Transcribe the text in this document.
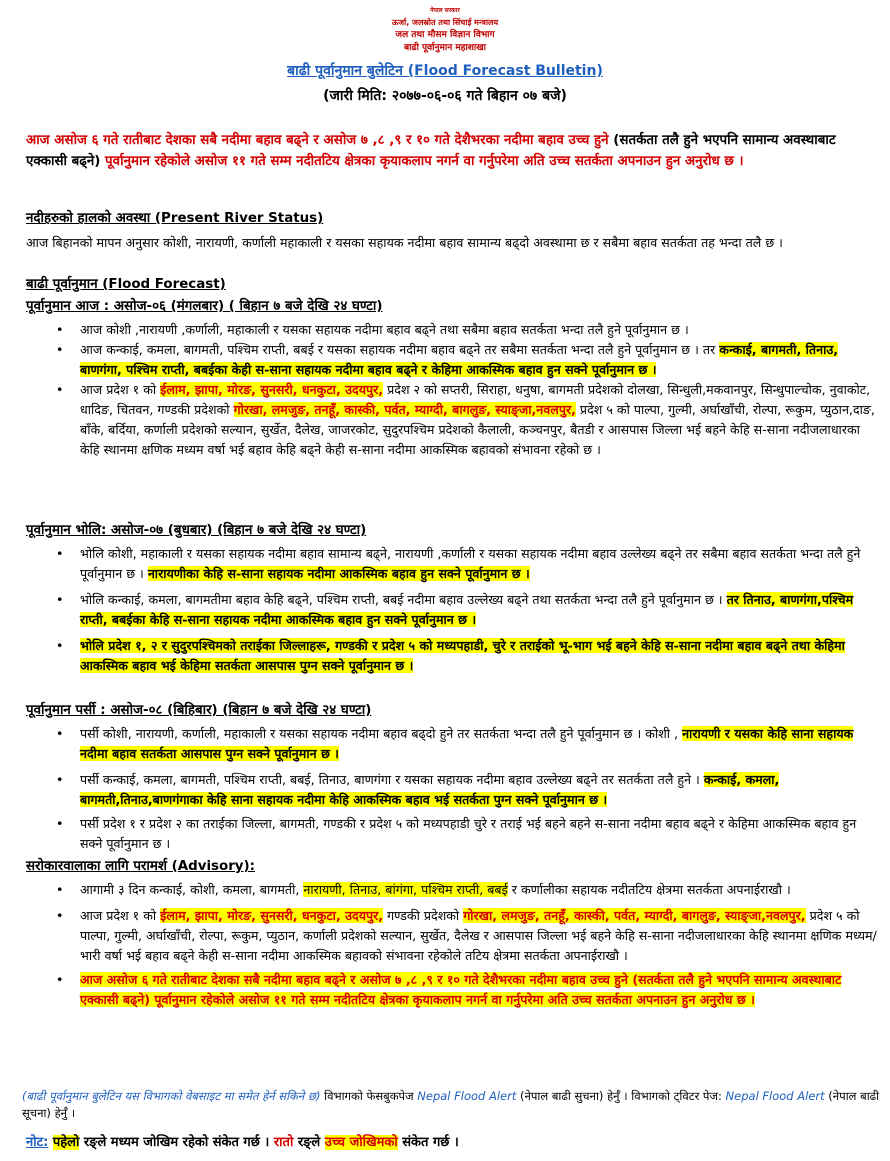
नेपाल सरकार
ऊर्जा, जलस्रोत तथा सिंचाई मन्त्रालय
जल तथा मौसम विज्ञान विभाग
बाढी पूर्वानुमान महाशाखा
बाढी पूर्वानुमान बुलेटिन (Flood Forecast Bulletin)
(जारी मिति: २०७७-०६-०६ गते बिहान ०७ बजे)
आज असोज ६ गते रातीबाट देशका सबै नदीमा बहाव बढ्ने र असोज ७ ,८ ,९ र १० गते देशैभरका नदीमा बहाव उच्च हुने (सतर्कता तलै हुने भएपनि सामान्य अवस्थाबाट एक्कासी बढ्ने) पूर्वानुमान रहेकोले असोज ११ गते सम्म नदीतटिय क्षेत्रका कृयाकलाप नगर्न वा गर्नुपरेमा अति उच्च सतर्कता अपनाउन हुन अनुरोध छ ।
नदीहरुको हालको अवस्था (Present River Status)
आज बिहानको मापन अनुसार कोशी, नारायणी, कर्णाली महाकाली र यसका सहायक नदीमा बहाव सामान्य बढ्दो अवस्थामा छ र सबैमा बहाव सतर्कता तह भन्दा तलै छ ।
बाढी पूर्वानुमान (Flood Forecast)
पूर्वानुमान आज : असोज-०६ (मंगलबार) ( बिहान ७ बजे देखि २४ घण्टा)
• आज कोशी ,नारायणी ,कर्णाली, महाकाली र यसका सहायक नदीमा बहाव बढ्ने तथा सबैमा बहाव सतर्कता भन्दा तलै हुने पूर्वानुमान छ ।
• आज कन्काई, कमला, बागमती, पश्चिम राप्ती, बबई र यसका सहायक नदीमा बहाव बढ्ने तर सबैमा सतर्कता भन्दा तलै हुने पूर्वानुमान छ । तर कन्काई, बागमती, तिनाउ, बाणगंगा, पश्चिम राप्ती, बबईका केही स-साना सहायक नदीमा बहाव बढ्ने र केहिमा आकस्मिक बहाव हुन सक्ने पूर्वानुमान छ ।
• आज प्रदेश १ को ईलाम, झापा, मोरङ, सुनसरी, धनकुटा, उदयपुर, प्रदेश २ को सप्तरी, सिराहा, धनुषा, बागमती प्रदेशको दोलखा, सिन्धुली,मकवानपुर, सिन्धुपाल्चोक, नुवाकोट, धादिङ, चितवन, गण्डकी प्रदेशको गोरखा, लमजुङ, तनहूँ, कास्की, पर्वत, म्याग्दी, बागलुङ, स्याङ्जा,नवलपुर, प्रदेश ५ को पाल्पा, गुल्मी, अर्घाखाँची, रोल्पा, रूकुम, प्युठान,दाङ, बाँके, बर्दिया, कर्णाली प्रदेशको सल्यान, सुर्खेत, दैलेख, जाजरकोट, सुदुरपश्चिम प्रदेशको कैलाली, कञ्चनपुर, बैतडी र आसपास जिल्ला भई बहने केहि स-साना नदीजलाधारका केहि स्थानमा क्षणिक मध्यम वर्षा भई बहाव केहि बढ्ने केही स-साना नदीमा आकस्मिक बहावको संभावना रहेको छ ।
पूर्वानुमान भोलि: असोज-०७ (बुधबार) (बिहान ७ बजे देखि २४ घण्टा)
• भोलि कोशी, महाकाली र यसका सहायक नदीमा बहाव सामान्य बढ्ने, नारायणी ,कर्णाली र यसका सहायक नदीमा बहाव उल्लेख्य बढ्ने तर सबैमा बहाव सतर्कता भन्दा तलै हुने पूर्वानुमान छ । नारायणीका केहि स-साना सहायक नदीमा आकस्मिक बहाव हुन सक्ने पूर्वानुमान छ ।
• भोलि कन्काई, कमला, बागमतीमा बहाव केहि बढ्ने, पश्चिम राप्ती, बबई नदीमा बहाव उल्लेख्य बढ्ने तथा सतर्कता भन्दा तलै हुने पूर्वानुमान छ । तर तिनाउ, बाणगंगा,पश्चिम राप्ती, बबईका केहि स-साना सहायक नदीमा आकस्मिक बहाव हुन सक्ने पूर्वानुमान छ ।
• भोलि प्रदेश १, २ र सुदुरपश्चिमको तराईका जिल्लाहरू, गण्डकी र प्रदेश ५ को मध्यपहाडी, चुरे र तराईको भू-भाग भई बहने केहि स-साना नदीमा बहाव बढ्ने तथा केहिमा आकस्मिक बहाव भई केहिमा सतर्कता आसपास पुग्न सक्ने पूर्वानुमान छ ।
पूर्वानुमान पर्सी : असोज-०८ (बिहिबार) (बिहान ७ बजे देखि २४ घण्टा)
• पर्सी कोशी, नारायणी, कर्णाली, महाकाली र यसका सहायक नदीमा बहाव बढ्दो हुने तर सतर्कता भन्दा तलै हुने पूर्वानुमान छ । कोशी , नारायणी र यसका केहि साना सहायक नदीमा बहाव सतर्कता आसपास पुग्न सक्ने पूर्वानुमान छ ।
• पर्सी कन्काई, कमला, बागमती, पश्चिम राप्ती, बबई, तिनाउ, बाणगंगा र यसका सहायक नदीमा बहाव उल्लेख्य बढ्ने तर सतर्कता तलै हुने । कन्काई, कमला, बागमती,तिनाउ,बाणगंगाका केहि साना सहायक नदीमा केहि आकस्मिक बहाव भई सतर्कता पुग्न सक्ने पूर्वानुमान छ ।
• पर्सी प्रदेश १ र प्रदेश २ का तराईका जिल्ला, बागमती, गण्डकी र प्रदेश ५ को मध्यपहाडी चुरे र तराई भई बहने बहने स-साना नदीमा बहाव बढ्ने र केहिमा आकस्मिक बहाव हुन सक्ने पूर्वानुमान छ ।
सरोकारवालाका लागि परामर्श (Advisory):
• आगामी ३ दिन कन्काई, कोशी, कमला, बागमती, नारायणी, तिनाउ, बांगंगा, पश्चिम राप्ती, बबई र कर्णालीका सहायक नदीतटिय क्षेत्रमा सतर्कता अपनाईराखौ ।
• आज प्रदेश १ को ईलाम, झापा, मोरङ, सुनसरी, धनकुटा, उदयपुर, गण्डकी प्रदेशको गोरखा, लमजुङ, तनहूँ, कास्की, पर्वत, म्याग्दी, बागलुङ, स्याङ्जा,नवलपुर, प्रदेश ५ को पाल्पा, गुल्मी, अर्घाखाँची, रोल्पा, रूकुम, प्युठान, कर्णाली प्रदेशको सल्यान, सुर्खेत, दैलेख र आसपास जिल्ला भई बहने केहि स-साना नदीजलाधारका केहि स्थानमा क्षणिक मध्यम/भारी वर्षा भई बहाव बढ्ने केही स-साना नदीमा आकस्मिक बहावको संभावना रहेकोले तटिय क्षेत्रमा सतर्कता अपनाईराखौ ।
• आज असोज ६ गते रातीबाट देशका सबै नदीमा बहाव बढ्ने र असोज ७ ,८ ,९ र १० गते देशैभरका नदीमा बहाव उच्च हुने (सतर्कता तलै हुने भएपनि सामान्य अवस्थाबाट एक्कासी बढ्ने) पूर्वानुमान रहेकोले असोज ११ गते सम्म नदीतटिय क्षेत्रका कृयाकलाप नगर्न वा गर्नुपरेमा अति उच्च सतर्कता अपनाउन हुन अनुरोध छ ।
(बाढी पूर्वानुमान बुलेटिन यस विभागको वेबसाइट मा समेत हेर्न सकिने छ) विभागको फेसबुकपेज Nepal Flood Alert (नेपाल बाढी सुचना) हेर्नुँ । विभागको ट्विटर पेज: Nepal Flood Alert (नेपाल बाढी सूचना) हेर्नुँ ।
नोट: पहेलो रङ्ले मध्यम जोखिम रहेको संकेत गर्छ । रातो रङ्ले उच्च जोखिमको संकेत गर्छ ।
